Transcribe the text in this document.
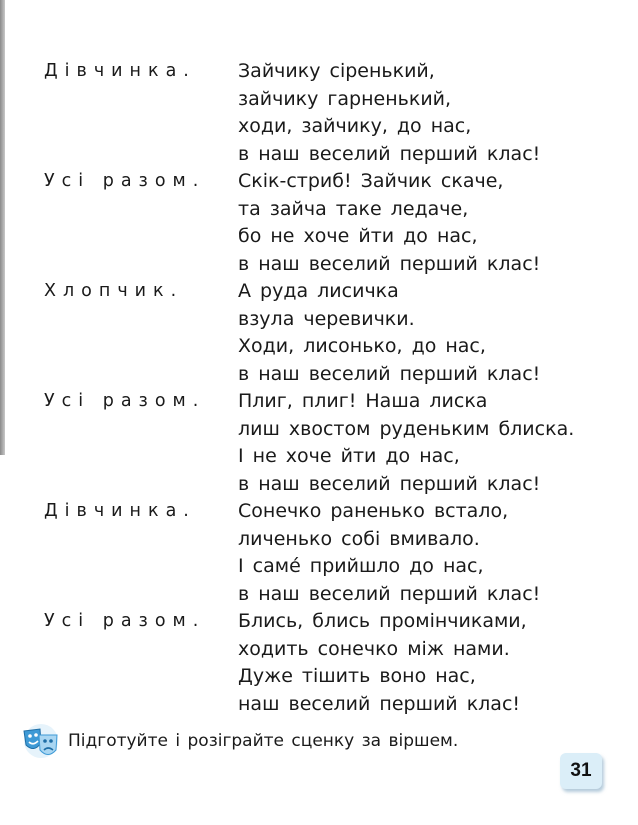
Дівчинка. Зайчику сіренький,
зайчику гарненький,
ходи, зайчику, до нас,
в наш веселий перший клас!
Усі разом. Скік-стриб! Зайчик скаче,
та зайча таке ледаче,
бо не хоче йти до нас,
в наш веселий перший клас!
Хлопчик.	А руда лисичка
взула черевички.
Ходи, лисонько, до нас,
в наш веселий перший клас!
Усі разом. Плиг, плиг! Наша лиска
лиш хвостом руденьким блиска.
І не хоче йти до нас,
в наш веселий перший клас!
Дівчинка. Сонечко раненько встало,
личенько собі вмивало.
І самé прийшло до нас,
в наш веселий перший клас!
Усі разом. Блись, блись промінчиками,
ходить сонечко між нами.
Дуже тішить воно нас,
наш веселий перший клас!
Підготуйте і розіграйте сценку за віршем.
31
